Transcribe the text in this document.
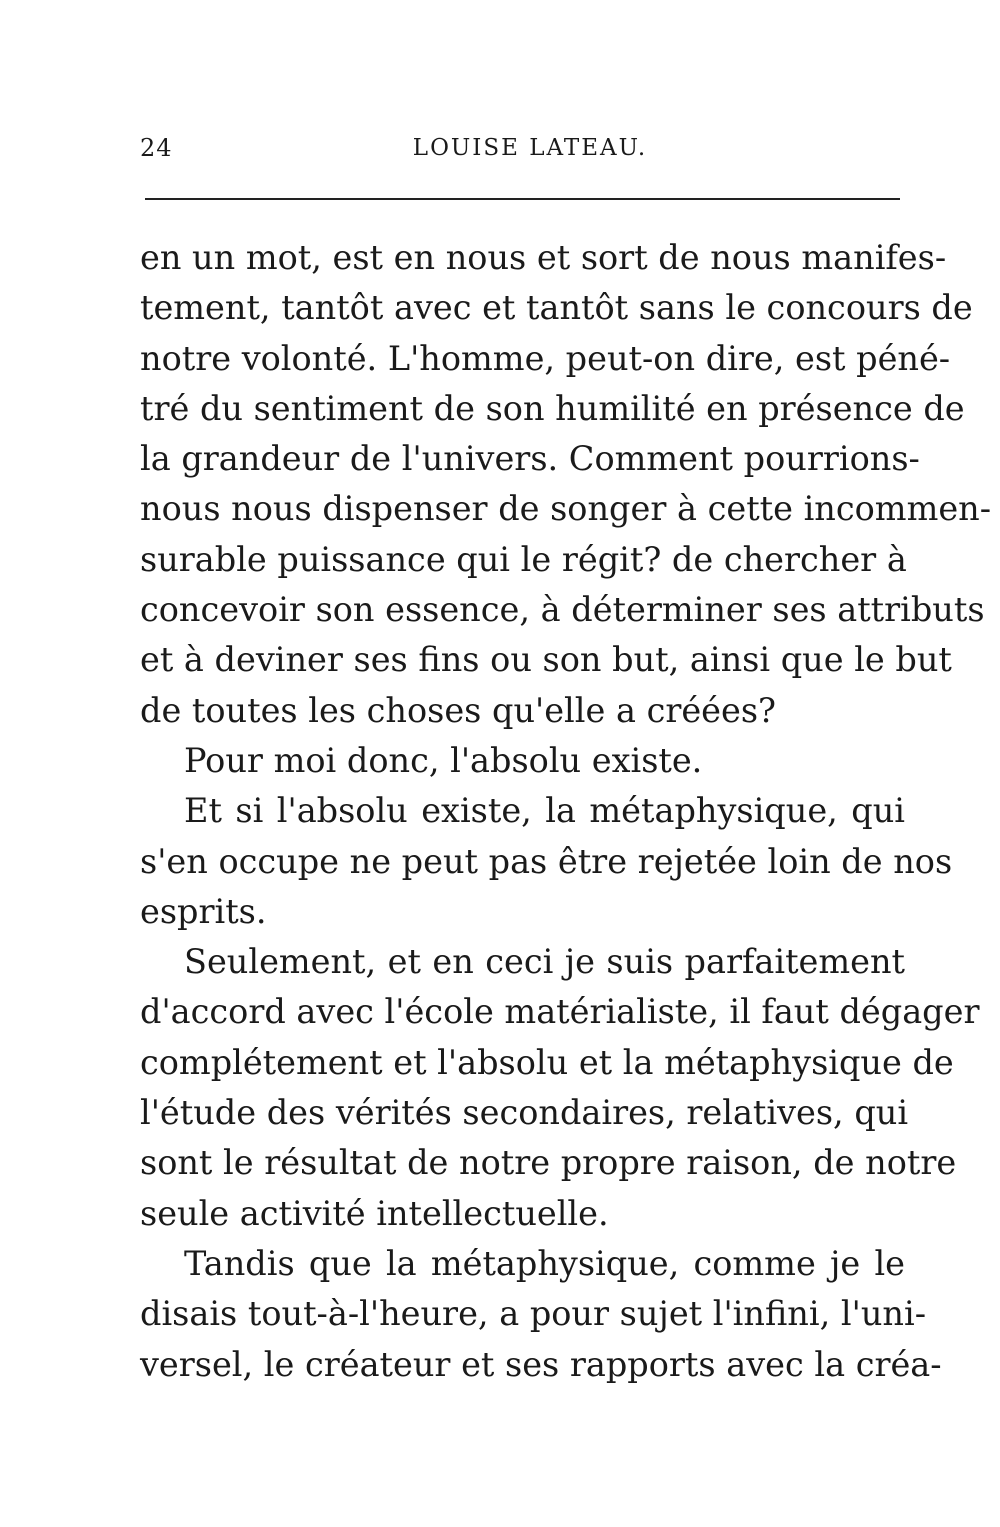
24	LOUISE LATEAU.

en un mot, est en nous et sort de nous manifes-
tement, tantôt avec et tantôt sans le concours de
notre volonté. L'homme, peut-on dire, est péné-
tré du sentiment de son humilité en présence de
la grandeur de l'univers. Comment pourrions-
nous nous dispenser de songer à cette incommen-
surable puissance qui le régit? de chercher à
concevoir son essence, à déterminer ses attributs
et à deviner ses fins ou son but, ainsi que le but
de toutes les choses qu'elle a créées?

Pour moi donc, l'absolu existe.

Et si l'absolu existe, la métaphysique, qui
s'en occupe ne peut pas être rejetée loin de nos
esprits.

Seulement, et en ceci je suis parfaitement
d'accord avec l'école matérialiste, il faut dégager
complétement et l'absolu et la métaphysique de
l'étude des vérités secondaires, relatives, qui
sont le résultat de notre propre raison, de notre
seule activité intellectuelle.

Tandis que la métaphysique, comme je le
disais tout-à-l'heure, a pour sujet l'infini, l'uni-
versel, le créateur et ses rapports avec la créa-
